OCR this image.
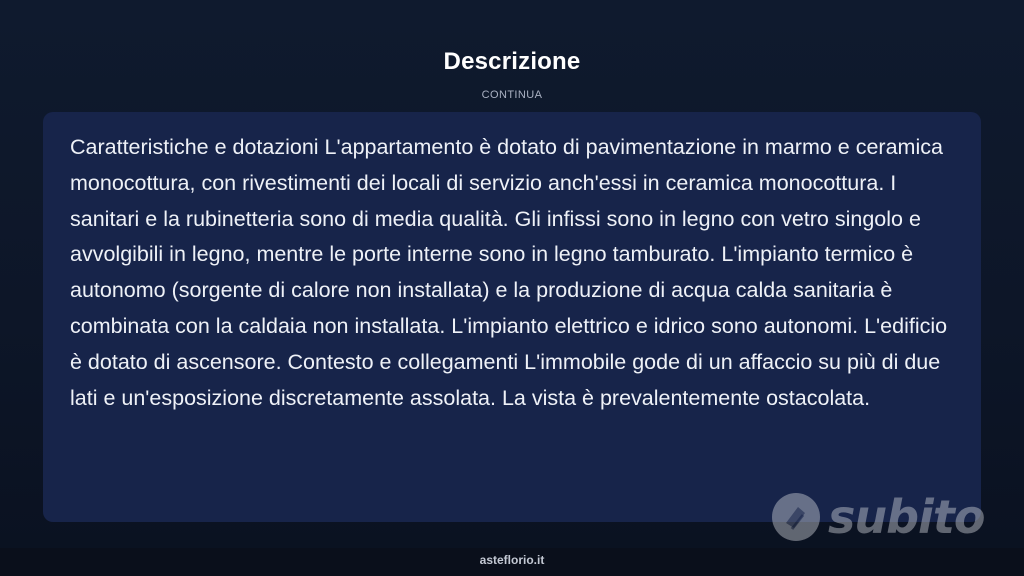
Descrizione
CONTINUA

Caratteristiche e dotazioni L'appartamento è dotato di pavimentazione in marmo e ceramica monocottura, con rivestimenti dei locali di servizio anch'essi in ceramica monocottura. I sanitari e la rubinetteria sono di media qualità. Gli infissi sono in legno con vetro singolo e avvolgibili in legno, mentre le porte interne sono in legno tamburato. L'impianto termico è autonomo (sorgente di calore non installata) e la produzione di acqua calda sanitaria è combinata con la caldaia non installata. L'impianto elettrico e idrico sono autonomi. L'edificio è dotato di ascensore. Contesto e collegamenti L'immobile gode di un affaccio su più di due lati e un'esposizione discretamente assolata. La vista è prevalentemente ostacolata.

subito
asteflorio.it
